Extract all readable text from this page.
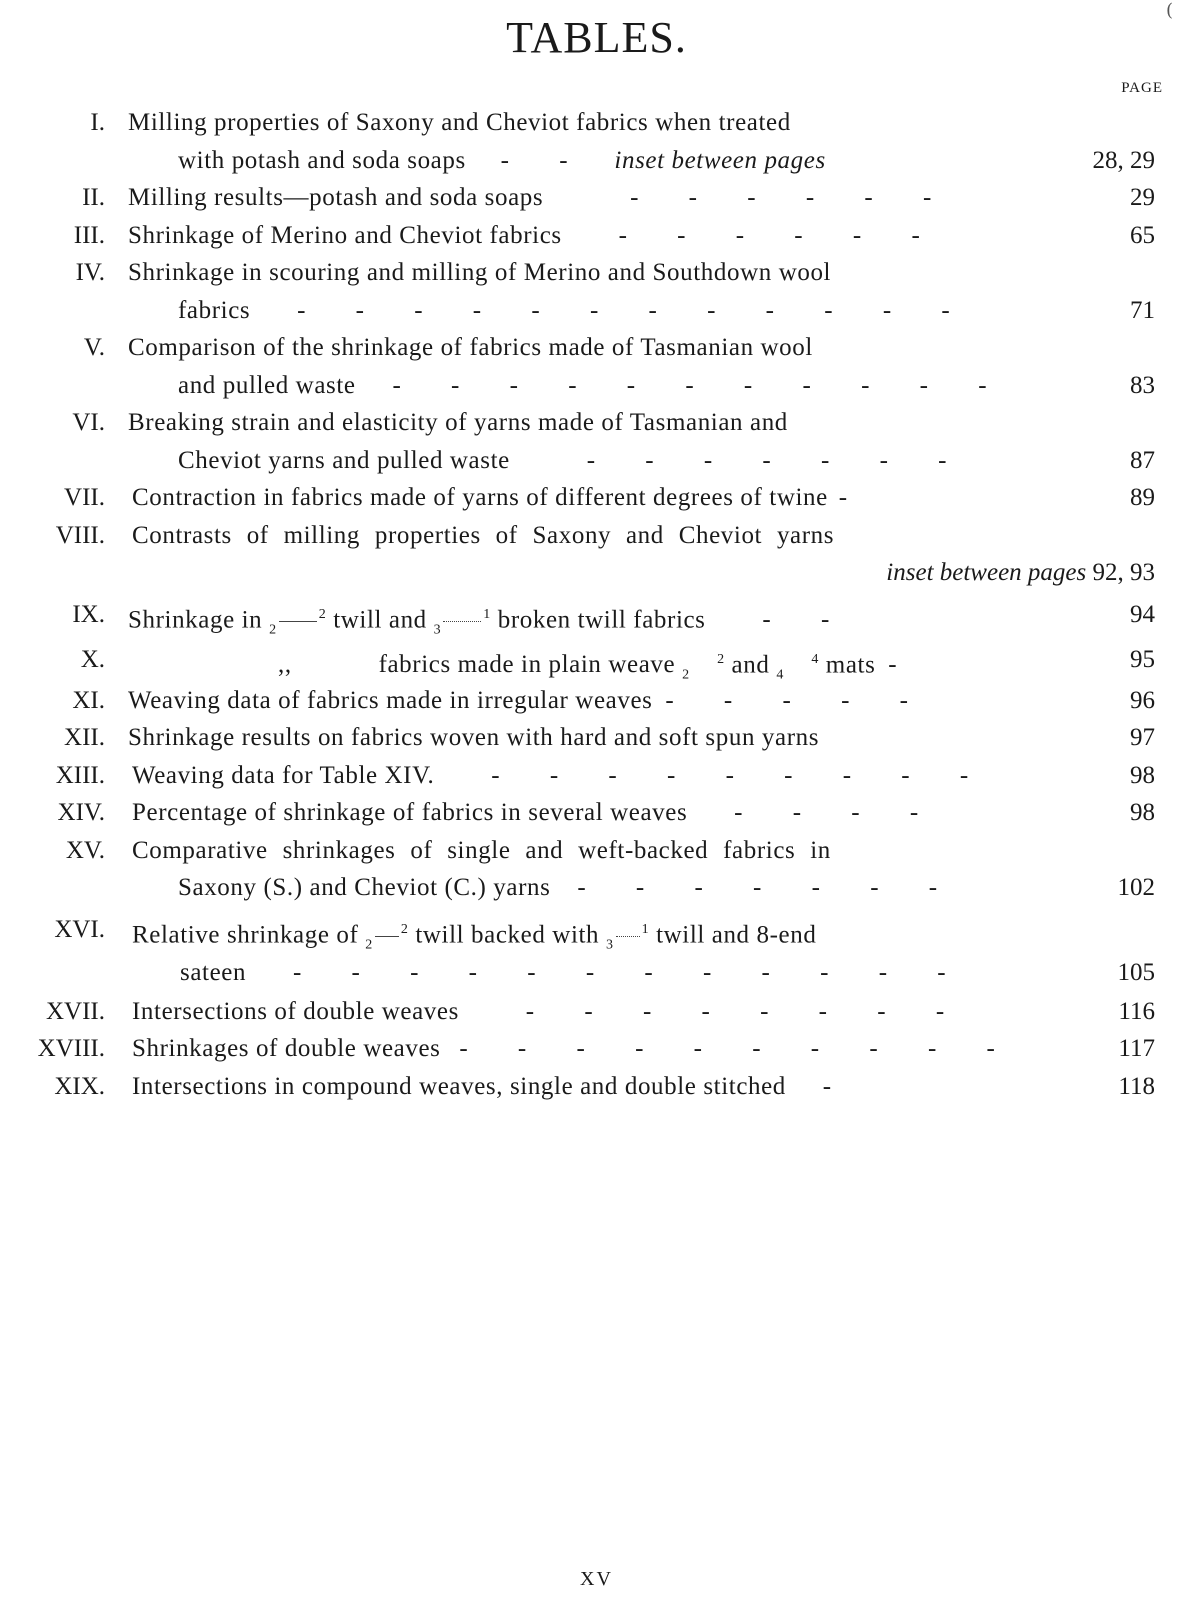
(
TABLES.
PAGE
I. Milling properties of Saxony and Cheviot fabrics when treated
with potash and soda soaps - - inset between pages	28, 29
II. Milling results—potash and soda soaps	- - - - - -	29
III. Shrinkage of Merino and Cheviot fabrics - - - - - -	65
IV. Shrinkage in scouring and milling of Merino and Southdown wool
fabrics - - - - - - - - - - - -	71
V. Comparison of the shrinkage of fabrics made of Tasmanian wool
and pulled waste - - - - - - - - - - -	83
VI. Breaking strain and elasticity of yarns made of Tasmanian and
Cheviot yarns and pulled waste	- - - - - - -	87
VII. Contraction in fabrics made of yarns of different degrees of twine -	89
VIII. Contrasts of milling properties of Saxony and Cheviot yarns
inset between pages 92, 93
IX. Shrinkage in $_2^2$ twill and $_3^1$ broken twill fabrics - -	94
X.	,,	fabrics made in plain weave $_2$    $^2$ and $_4$    $^4$ mats -	95
XI. Weaving data of fabrics made in irregular weaves - - - - -	96
XII. Shrinkage results on fabrics woven with hard and soft spun yarns	97
XIII. Weaving data for Table XIV. - - - - - - - - -	98
XIV. Percentage of shrinkage of fabrics in several weaves - - - -	98
XV. Comparative shrinkages of single and weft-backed fabrics in
Saxony (S.) and Cheviot (C.) yarns - - - - - - -	102
XVI. Relative shrinkage of $_2^2$ twill backed with $_3^1$ twill and 8-end
sateen - - - - - - - - - - - -	105
XVII. Intersections of double weaves	- - - - - - - -	116
XVIII. Shrinkages of double weaves - - - - - - - - - -	117
XIX. Intersections in compound weaves, single and double stitched -	118
XV
